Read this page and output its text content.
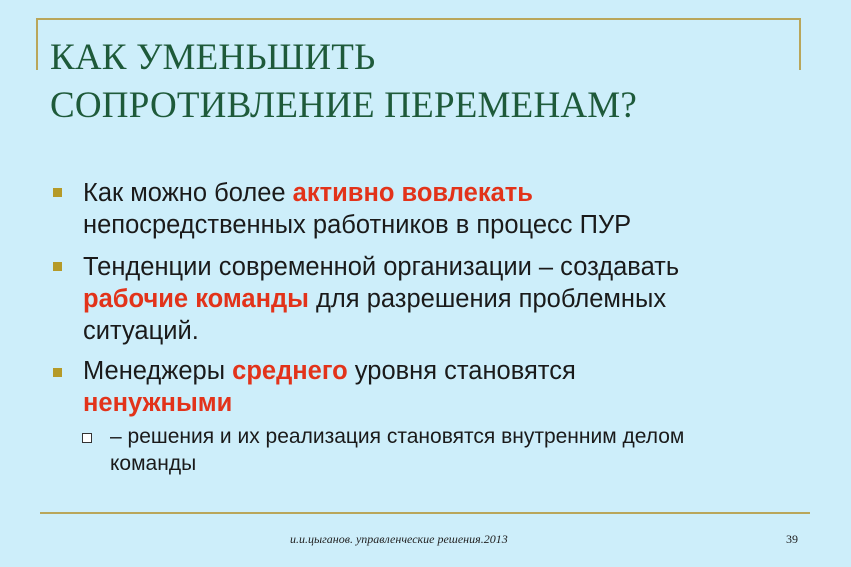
КАК УМЕНЬШИТЬ
СОПРОТИВЛЕНИЕ ПЕРЕМЕНАМ?
Как можно более активно вовлекать
непосредственных работников в процесс ПУР
Тенденции современной организации – создавать
рабочие команды для разрешения проблемных
ситуаций.
Менеджеры среднего уровня становятся
ненужными
– решения и их реализация становятся внутренним делом
команды
и.и.цыганов. управленческие решения.2013	39
